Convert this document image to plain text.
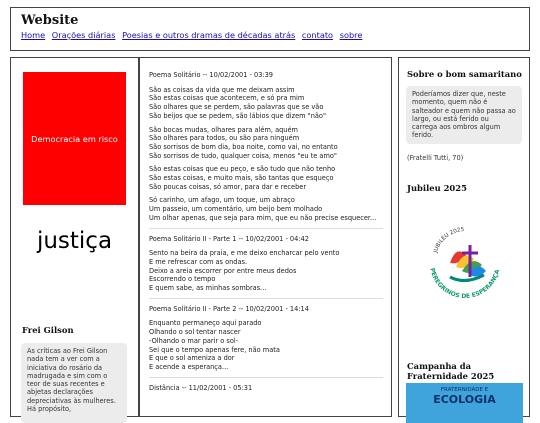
Website
Home Orações diárias Poesias e outros dramas de décadas atrás contato sobre
Democracia em risco
justiça
Frei Gilson
As críticas ao Frei Gilson nada tem a ver com a iniciativa do rosário da madrugada e sim com o teor de suas recentes e abjetas declarações depreciativas às mulheres. Há propósito,
Poema Solitário -- 10/02/2001 - 03:39
São as coisas da vida que me deixam assim
São estas coisas que acontecem, e só pra mim
São olhares que se perdem, são palavras que se vão
São beijos que se pedem, são lábios que dizem "não"
São bocas mudas, olhares para além, aquém
São olhares para todos, ou são para ninguém
São sorrisos de bom dia, boa noite, como vai, no entanto
São sorrisos de tudo, qualquer coisa, menos "eu te amo"
São estas coisas que eu peço, e são tudo que não tenho
São estas coisas, e muito mais, são tantas que esqueço
São poucas coisas, só amor, para dar e receber
Só carinho, um afago, um toque, um abraço
Um passeio, um comentário, um beijo bem molhado
Um olhar apenas, que seja para mim, que eu não precise esquecer...
Poema Solitário II - Parte 1 -- 10/02/2001 - 04:42
Sento na beira da praia, e me deixo encharcar pelo vento
E me refrescar com as ondas.
Deixo a areia escorrer por entre meus dedos
Escorrendo o tempo
E quem sabe, as minhas sombras...
Poema Solitário II - Parte 2 -- 10/02/2001 - 14:14
Enquanto permaneço aqui parado
Olhando o sol tentar nascer
-Olhando o mar parir o sol-
Sei que o tempo apenas fere, não mata
E que o sol ameniza a dor
E acende a esperança...
Distância -- 11/02/2001 - 05:31
Sobre o bom samaritano
Poderíamos dizer que, neste momento, quem não é salteador e quem não passa ao largo, ou está ferido ou carrega aos ombros algum ferido.
(Fratelli Tutti, 70)
Jubileu 2025
JUBILEU 2025
PEREGRINOS DE ESPERANÇA
Campanha da Fraternidade 2025
FRATERNIDADE E
ECOLOGIA
